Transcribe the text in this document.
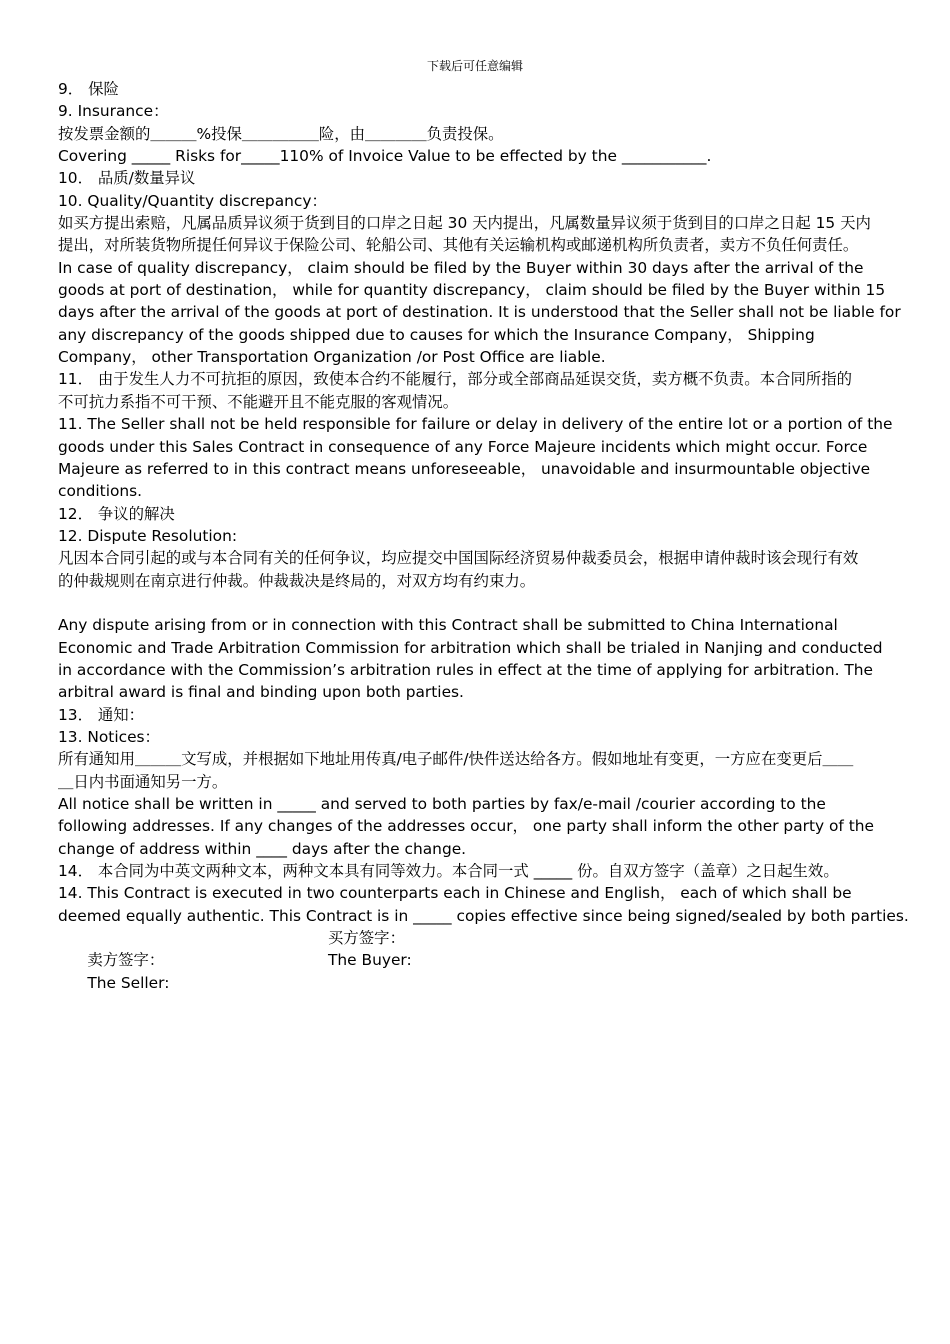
下载后可任意编辑
9． 保险
9. Insurance：
按发票金额的＿＿＿%投保＿＿＿＿＿险，由＿＿＿＿负责投保。
Covering _____ Risks for_____110% of Invoice Value to be effected by the ___________.
10． 品质/数量异议
10. Quality/Quantity discrepancy：
如买方提出索赔，凡属品质异议须于货到目的口岸之日起 30 天内提出，凡属数量异议须于货到目的口岸之日起 15 天内
提出，对所装货物所提任何异议于保险公司、轮船公司、其他有关运输机构或邮递机构所负责者，卖方不负任何责任。
In case of quality discrepancy， claim should be filed by the Buyer within 30 days after the arrival of the
goods at port of destination， while for quantity discrepancy， claim should be filed by the Buyer within 15
days after the arrival of the goods at port of destination. It is understood that the Seller shall not be liable for
any discrepancy of the goods shipped due to causes for which the Insurance Company， Shipping
Company， other Transportation Organization /or Post Office are liable.
11． 由于发生人力不可抗拒的原因，致使本合约不能履行，部分或全部商品延误交货，卖方概不负责。本合同所指的
不可抗力系指不可干预、不能避开且不能克服的客观情况。
11. The Seller shall not be held responsible for failure or delay in delivery of the entire lot or a portion of the
goods under this Sales Contract in consequence of any Force Majeure incidents which might occur. Force
Majeure as referred to in this contract means unforeseeable， unavoidable and insurmountable objective
conditions.
12． 争议的解决
12. Dispute Resolution:
凡因本合同引起的或与本合同有关的任何争议，均应提交中国国际经济贸易仲裁委员会，根据申请仲裁时该会现行有效
的仲裁规则在南京进行仲裁。仲裁裁决是终局的，对双方均有约束力。
Any dispute arising from or in connection with this Contract shall be submitted to China International
Economic and Trade Arbitration Commission for arbitration which shall be trialed in Nanjing and conducted
in accordance with the Commission’s arbitration rules in effect at the time of applying for arbitration. The
arbitral award is final and binding upon both parties.
13． 通知：
13. Notices：
所有通知用＿＿＿文写成，并根据如下地址用传真/电子邮件/快件送达给各方。假如地址有变更，一方应在变更后＿＿
＿日内书面通知另一方。
All notice shall be written in _____ and served to both parties by fax/e-mail /courier according to the
following addresses. If any changes of the addresses occur， one party shall inform the other party of the
change of address within ____ days after the change.
14． 本合同为中英文两种文本，两种文本具有同等效力。本合同一式 _____ 份。自双方签字（盖章）之日起生效。
14. This Contract is executed in two counterparts each in Chinese and English， each of which shall be
deemed equally authentic. This Contract is in _____ copies effective since being signed/sealed by both parties.

卖方签字：

买方签字：

The Seller:

The Buyer:
